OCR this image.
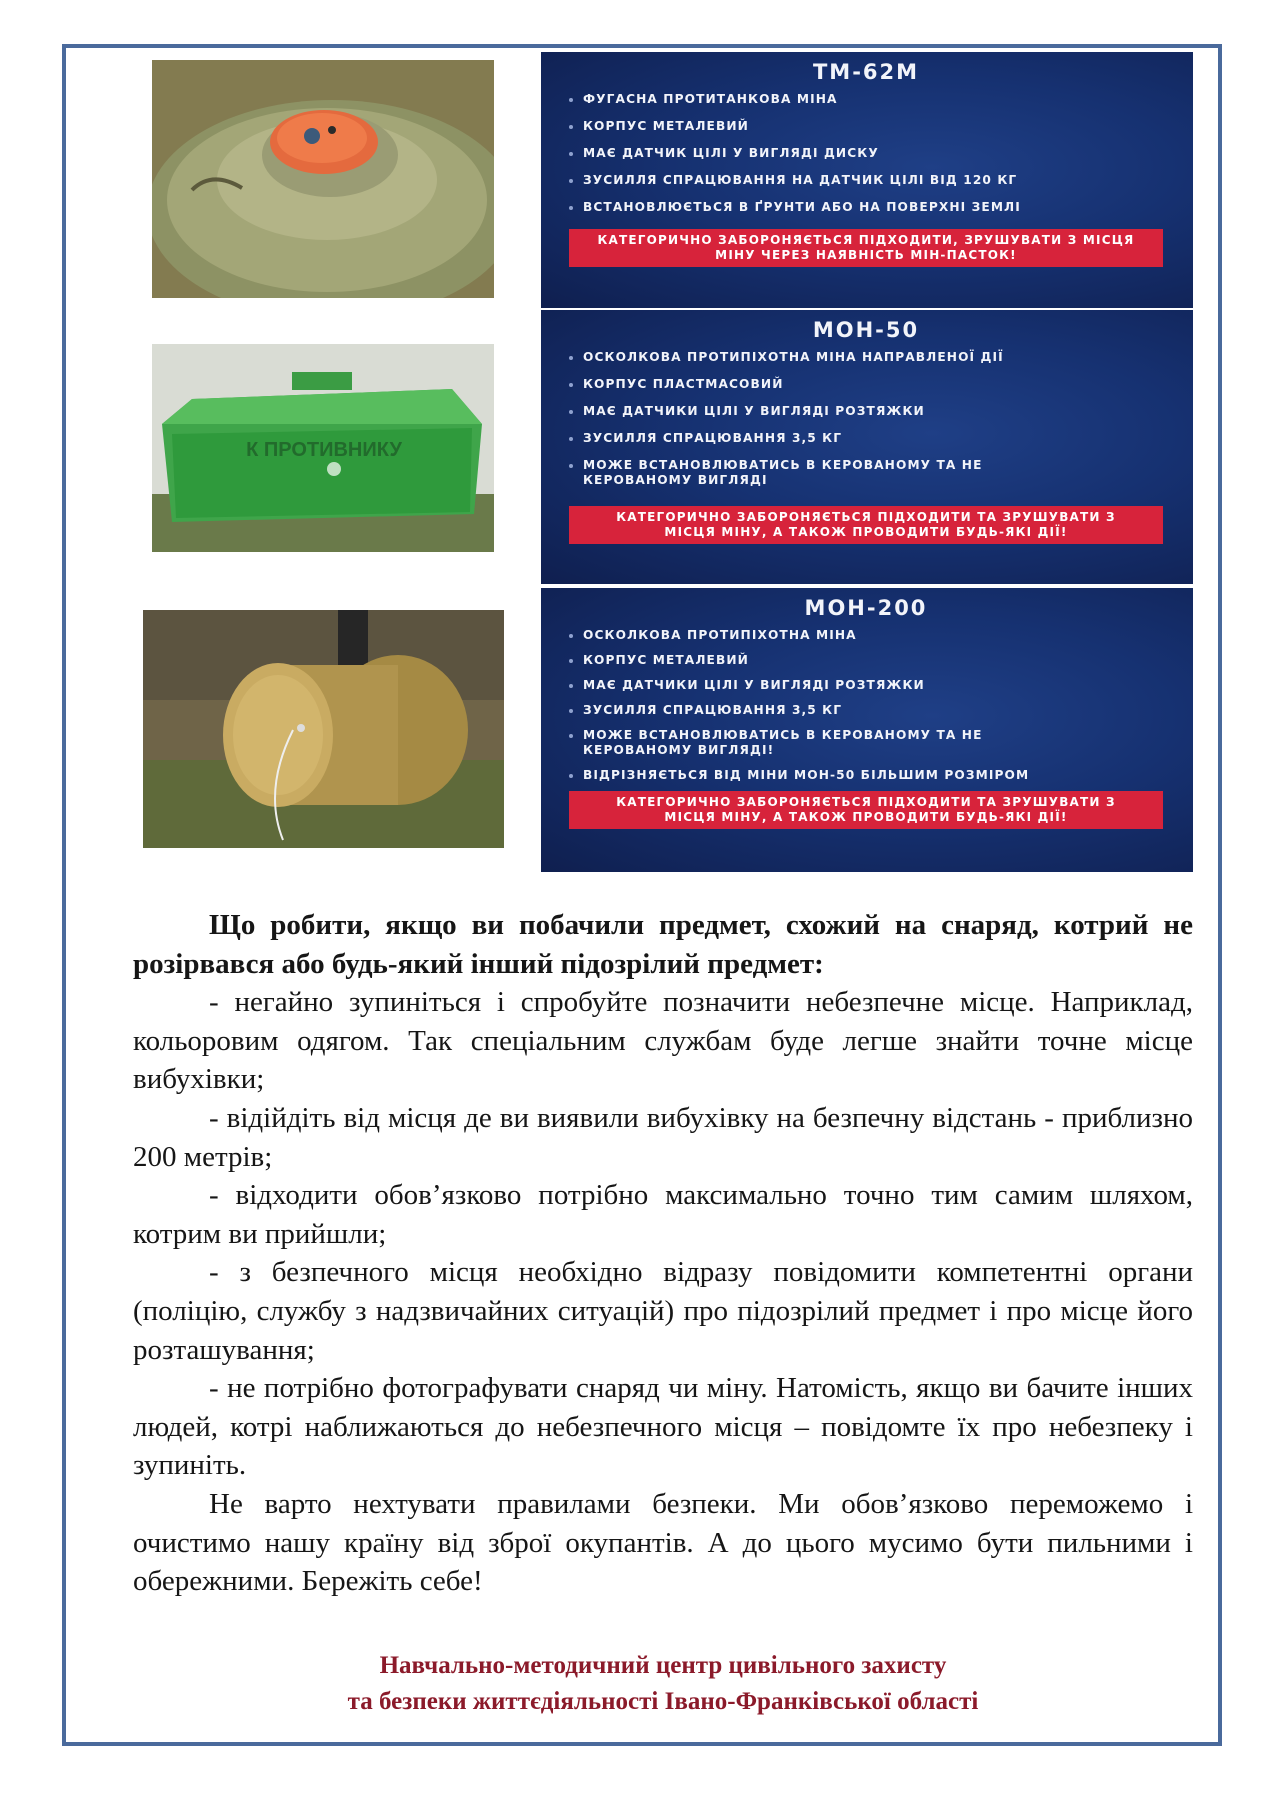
ТМ-62М
ФУГАСНА ПРОТИТАНКОВА МІНА
КОРПУС МЕТАЛЕВИЙ
МАЄ ДАТЧИК ЦІЛІ У ВИГЛЯДІ ДИСКУ
ЗУСИЛЛЯ СПРАЦЮВАННЯ НА ДАТЧИК ЦІЛІ ВІД 120 КГ
ВСТАНОВЛЮЄТЬСЯ В ҐРУНТИ АБО НА ПОВЕРХНІ ЗЕМЛІ
КАТЕГОРИЧНО ЗАБОРОНЯЄТЬСЯ ПІДХОДИТИ, ЗРУШУВАТИ З МІСЦЯ МІНУ ЧЕРЕЗ НАЯВНІСТЬ МІН-ПАСТОК!
К ПРОТИВНИКУ
МОН-50
ОСКОЛКОВА ПРОТИПІХОТНА МІНА НАПРАВЛЕНОЇ ДІЇ
КОРПУС ПЛАСТМАСОВИЙ
МАЄ ДАТЧИКИ ЦІЛІ У ВИГЛЯДІ РОЗТЯЖКИ
ЗУСИЛЛЯ СПРАЦЮВАННЯ 3,5 КГ
МОЖЕ ВСТАНОВЛЮВАТИСЬ В КЕРОВАНОМУ ТА НЕ КЕРОВАНОМУ ВИГЛЯДІ
КАТЕГОРИЧНО ЗАБОРОНЯЄТЬСЯ ПІДХОДИТИ ТА ЗРУШУВАТИ З МІСЦЯ МІНУ, А ТАКОЖ ПРОВОДИТИ БУДЬ-ЯКІ ДІЇ!
МОН-200
ОСКОЛКОВА ПРОТИПІХОТНА МІНА
КОРПУС МЕТАЛЕВИЙ
МАЄ ДАТЧИКИ ЦІЛІ У ВИГЛЯДІ РОЗТЯЖКИ
ЗУСИЛЛЯ СПРАЦЮВАННЯ 3,5 КГ
МОЖЕ ВСТАНОВЛЮВАТИСЬ В КЕРОВАНОМУ ТА НЕ КЕРОВАНОМУ ВИГЛЯДІ!
ВІДРІЗНЯЄТЬСЯ ВІД МІНИ МОН-50 БІЛЬШИМ РОЗМІРОМ
КАТЕГОРИЧНО ЗАБОРОНЯЄТЬСЯ ПІДХОДИТИ ТА ЗРУШУВАТИ З МІСЦЯ МІНУ, А ТАКОЖ ПРОВОДИТИ БУДЬ-ЯКІ ДІЇ!

Що робити, якщо ви побачили предмет, схожий на снаряд, котрий не розірвався або будь-який інший підозрілий предмет:

- негайно зупиніться і спробуйте позначити небезпечне місце. Наприклад, кольоровим одягом. Так спеціальним службам буде легше знайти точне місце вибухівки;

- відійдіть від місця де ви виявили вибухівку на безпечну відстань - приблизно 200 метрів;

- відходити обов’язково потрібно максимально точно тим самим шляхом, котрим ви прийшли;

- з безпечного місця необхідно відразу повідомити компетентні органи (поліцію, службу з надзвичайних ситуацій) про підозрілий предмет і про місце його розташування;

- не потрібно фотографувати снаряд чи міну. Натомість, якщо ви бачите інших людей, котрі наближаються до небезпечного місця – повідомте їх про небезпеку і зупиніть.

Не варто нехтувати правилами безпеки. Ми обов’язково переможемо і очистимо нашу країну від зброї окупантів. А до цього мусимо бути пильними і обережними. Бережіть себе!

Навчально-методичний центр цивільного захисту
та безпеки життєдіяльності Івано-Франківської області
